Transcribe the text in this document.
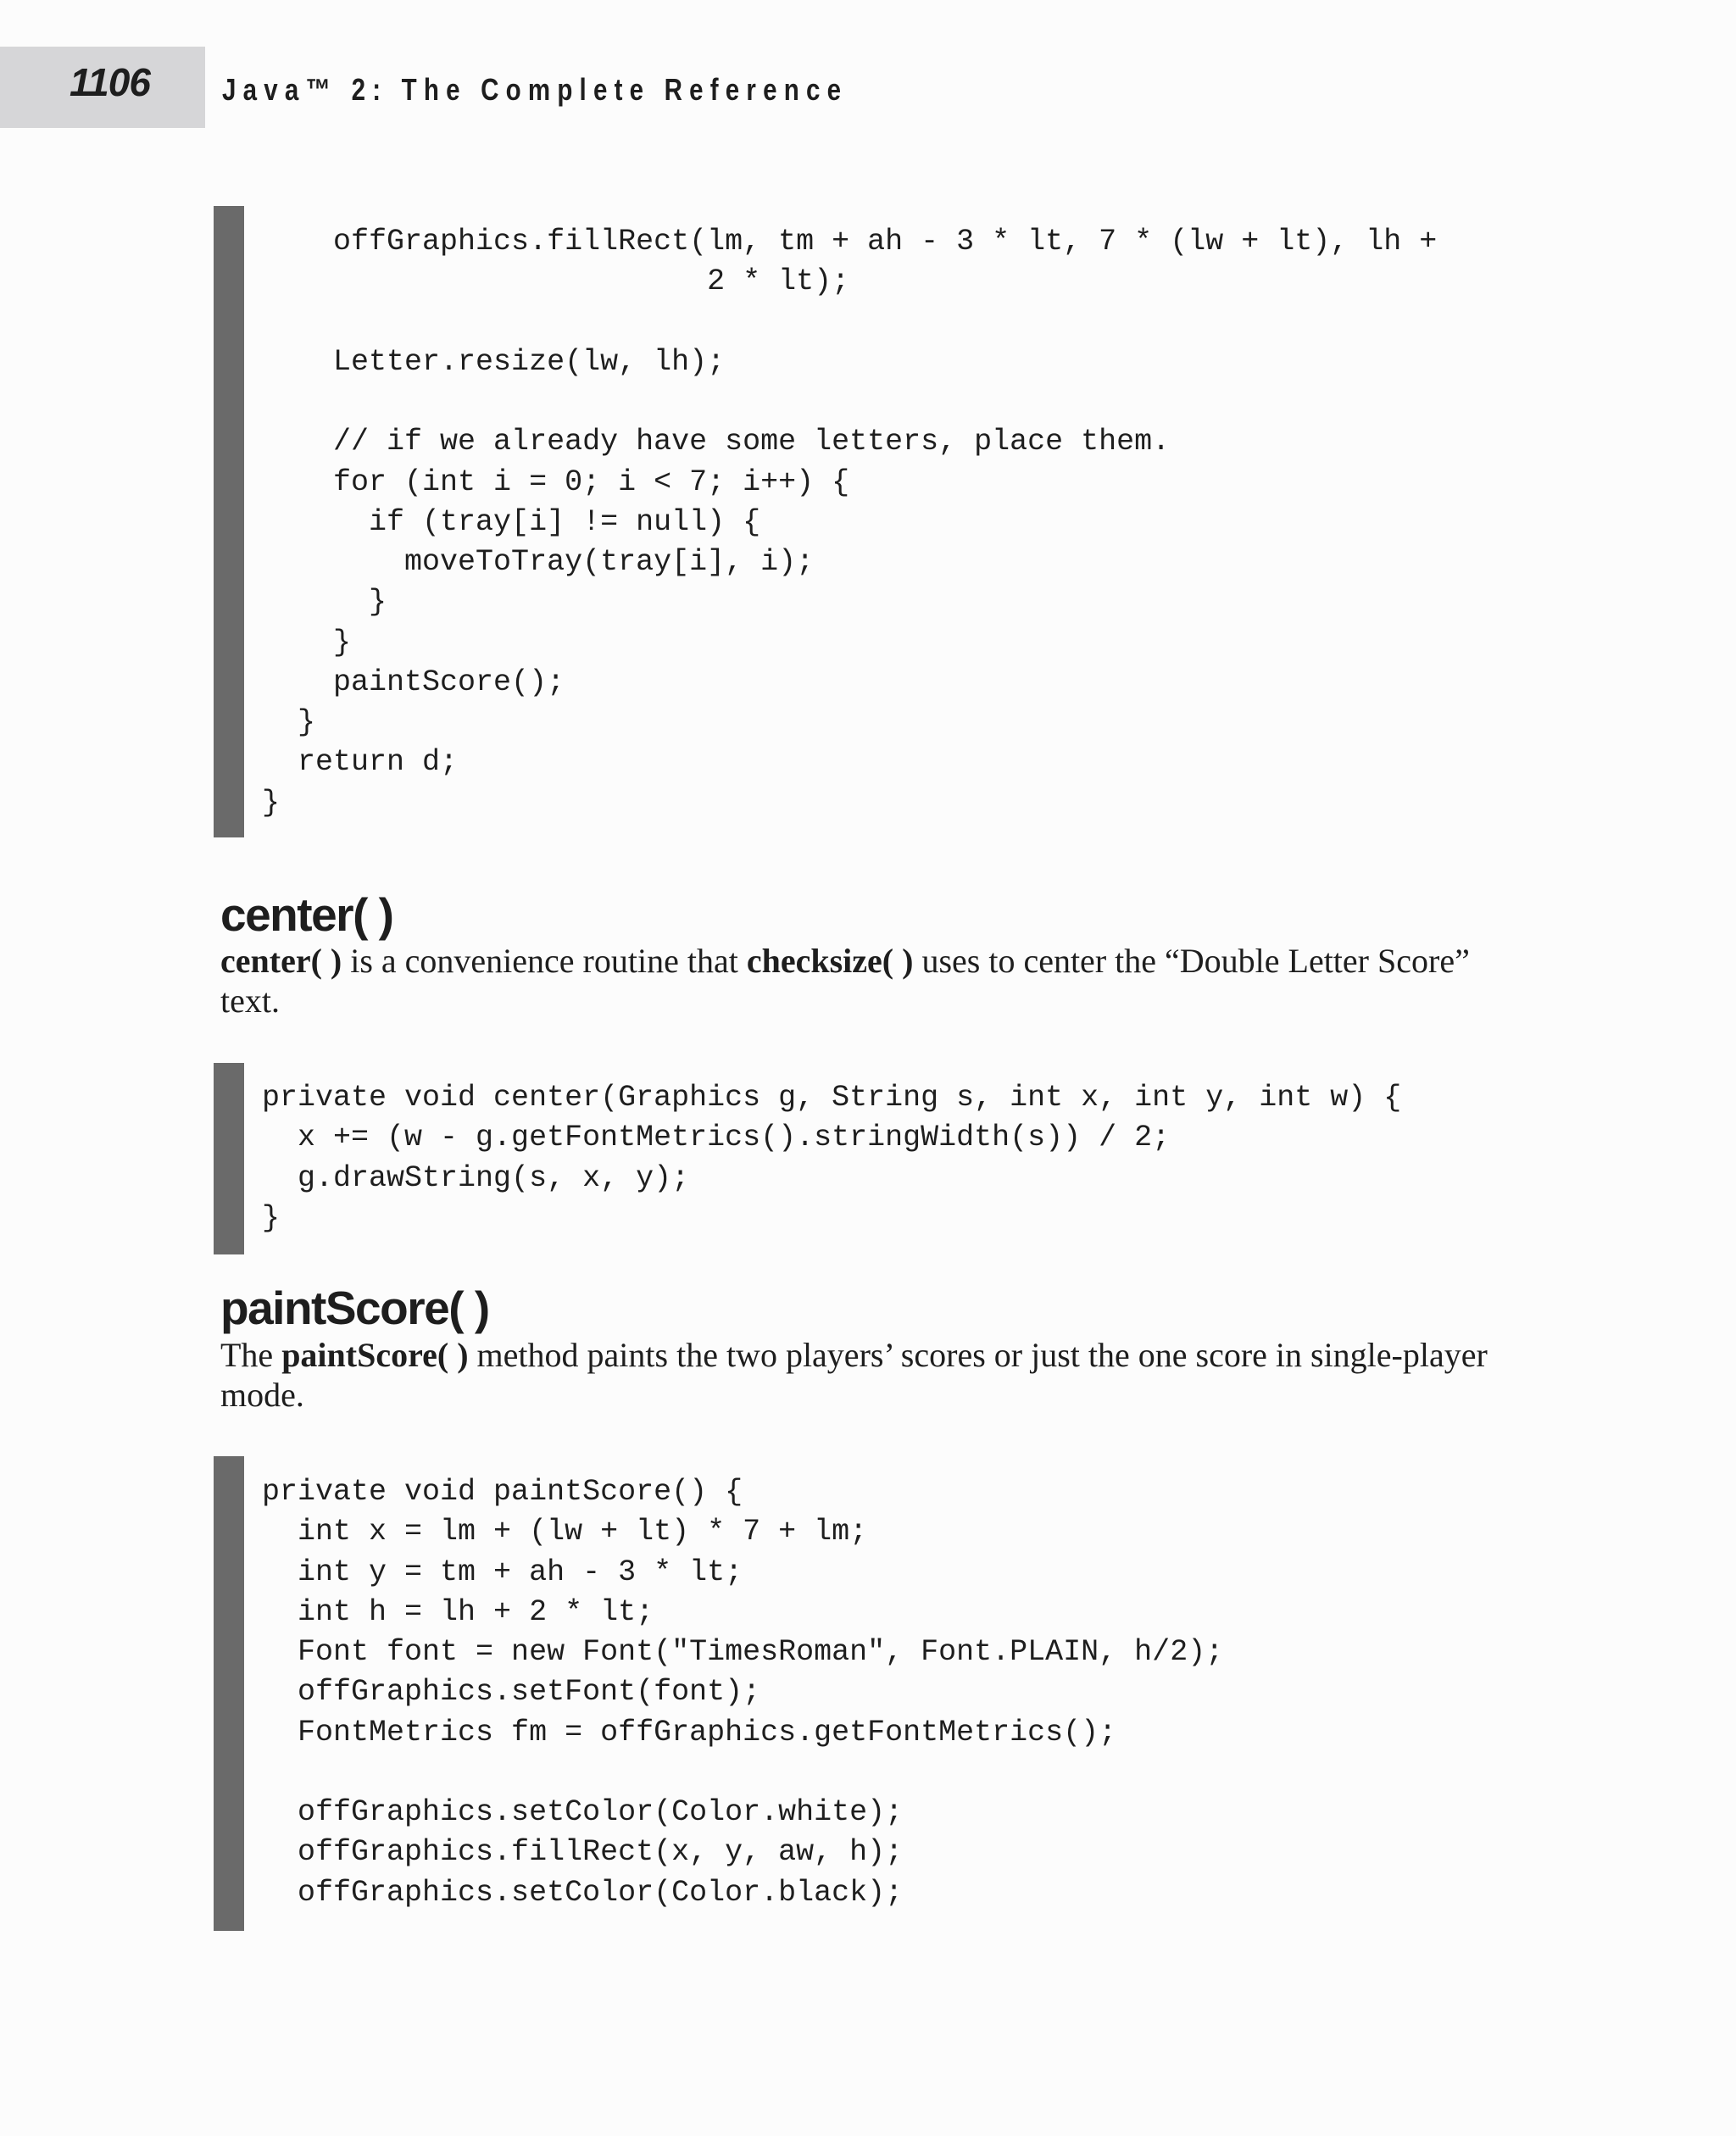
1106 Java™ 2: The Complete Reference
offGraphics.fillRect(lm, tm + ah - 3 * lt, 7 * (lw + lt), lh +
2 * lt);

Letter.resize(lw, lh);

// if we already have some letters, place them.
for (int i = 0; i < 7; i++) {
if (tray[i] != null) {
moveToTray(tray[i], i);
}
}
paintScore();
}
return d;
}
center( )

center( ) is a convenience routine that checksize( ) uses to center the “Double Letter Score” text.

private void center(Graphics g, String s, int x, int y, int w) {
x += (w - g.getFontMetrics().stringWidth(s)) / 2;
g.drawString(s, x, y);
}
paintScore( )

The paintScore( ) method paints the two players’ scores or just the one score in single-player mode.

private void paintScore() {
int x = lm + (lw + lt) * 7 + lm;
int y = tm + ah - 3 * lt;
int h = lh + 2 * lt;
Font font = new Font("TimesRoman", Font.PLAIN, h/2);
offGraphics.setFont(font);
FontMetrics fm = offGraphics.getFontMetrics();

offGraphics.setColor(Color.white);
offGraphics.fillRect(x, y, aw, h);
offGraphics.setColor(Color.black);
